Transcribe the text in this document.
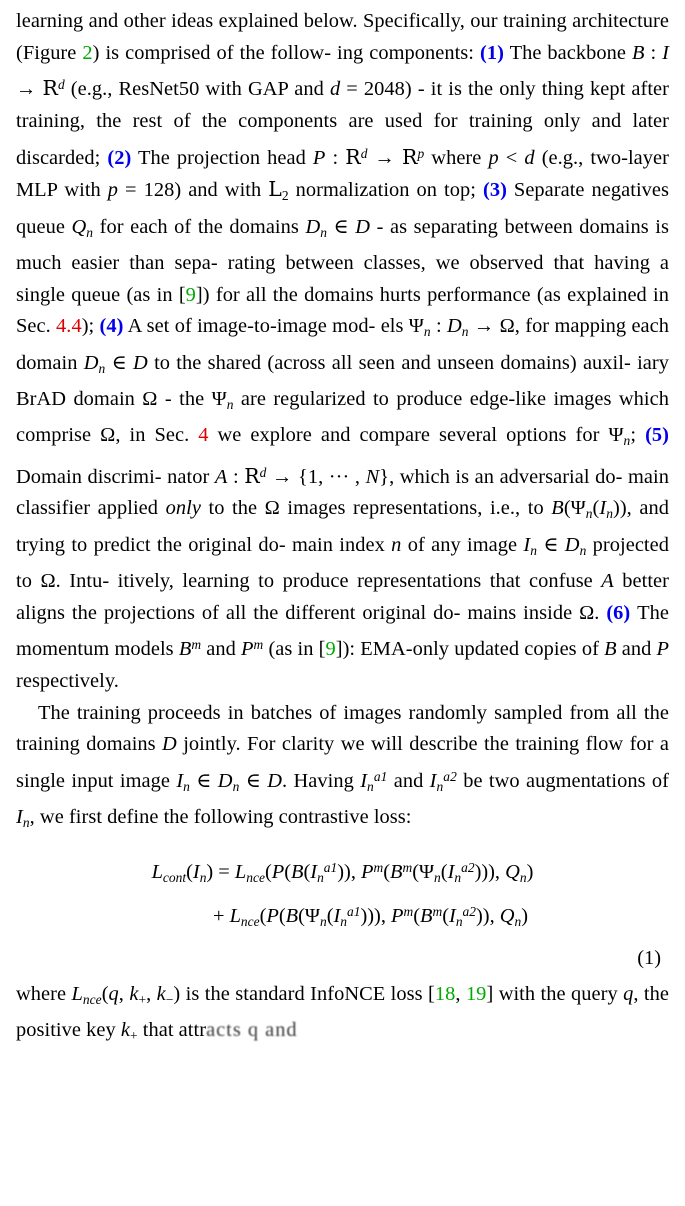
learning and other ideas explained below. Specifically, our training architecture (Figure 2) is comprised of the follow- ing components: (1) The backbone B : $I \to R^d$ (e.g., ResNet50 with GAP and d = 2048) - it is the only thing kept after training, the rest of the components are used for training only and later discarded; (2) The projection head P : $R^d \to R^p$ where p < d (e.g., two-layer MLP with p = 128) and with $L_2$ normalization on top; (3) Separate negatives queue $Q_n$ for each of the domains $D_n$ ∈ D - as separating between domains is much easier than sepa- rating between classes, we observed that having a single queue (as in [9]) for all the domains hurts performance (as explained in Sec. 4.4); (4) A set of image-to-image mod- els $\Psi_n$ : $D_n \to \Omega$, for mapping each domain $D_n$ ∈ D to the shared (across all seen and unseen domains) auxil- iary BrAD domain Ω - the $\Psi_n$ are regularized to produce edge-like images which comprise Ω, in Sec. 4 we explore and compare several options for $\Psi_n$; (5) Domain discrimi- nator A : $R^d \to \{1$, ··· , N}, which is an adversarial do- main classifier applied only to the Ω images representations, i.e., to $B(\Psi_n(I_n))$, and trying to predict the original do- main index n of any image $I_n$ ∈ $D_n$ projected to Ω. Intu- itively, learning to produce representations that confuse A better aligns the projections of all the different original do- mains inside Ω. (6) The momentum models $B^m$ and $P^m$ (as in [9]): EMA-only updated copies of B and P respectively.

The training proceeds in batches of images randomly sampled from all the training domains D jointly. For clarity we will describe the training flow for a single input image $I_n$ ∈ $D_n$ ∈ D. Having $I_n^{a1}$ and $I_n^{a2}$ be two augmentations of $I_n$, we first define the following contrastive loss:

$L_{cont}(I_n) = L_{nce}(P(B(I_n^{a1}))$, $P^m(B^m(\Psi_n(I_n^{a2})))$, $Q_n$)
+ $L_{nce}(P(B(\Psi_n(I_n^{a1})))$, $P^m(B^m(I_n^{a2}))$, $Q_n$)
(1)

where $L_{nce}(q$, $k_+$, $k_-$) is the standard InfoNCE loss [18, 19] with the query q, the positive key $k_+$ that attracts q and
